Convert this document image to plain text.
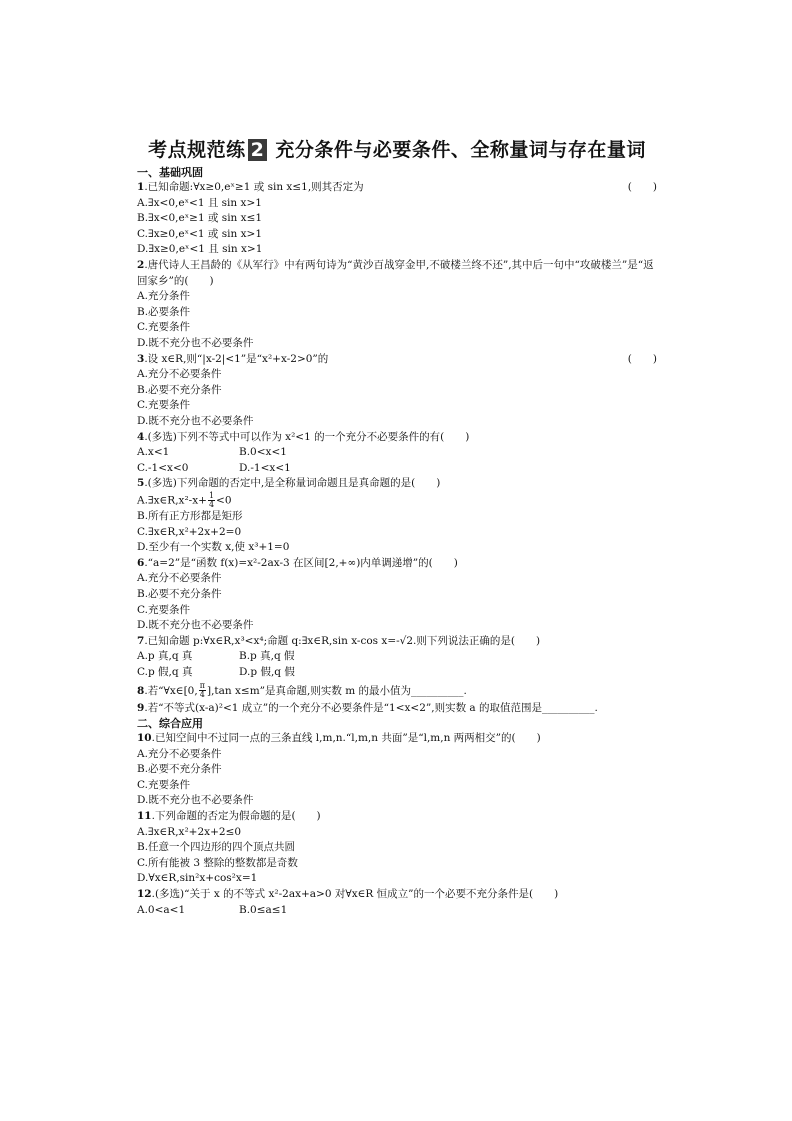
考点规范练 2 充分条件与必要条件、全称量词与存在量词
一、基础巩固
1.已知命题:∀x≥0,eˣ≥1 或 sin x≤1,则其否定为	(　　)
A.∃x<0,eˣ<1 且 sin x>1
B.∃x<0,eˣ≥1 或 sin x≤1
C.∃x≥0,eˣ<1 或 sin x>1
D.∃x≥0,eˣ<1 且 sin x>1
2.唐代诗人王昌龄的《从军行》中有两句诗为“黄沙百战穿金甲,不破楼兰终不还”,其中后一句中“攻破楼兰”是“返回家乡”的(　　)
A.充分条件
B.必要条件
C.充要条件
D.既不充分也不必要条件
3.设 x∈R,则“|x-2|<1”是“x²+x-2>0”的	(　　)
A.充分不必要条件
B.必要不充分条件
C.充要条件
D.既不充分也不必要条件
4.(多选)下列不等式中可以作为 x²<1 的一个充分不必要条件的有(　　)
A.x<1	B.0<x<1
C.-1<x<0	D.-1<x<1
5.(多选)下列命题的否定中,是全称量词命题且是真命题的是(　　)
A.∃x∈R,x²-x+ $\frac{1}{4} <0$
B.所有正方形都是矩形
C.∃x∈R,x²+2x+2=0
D.至少有一个实数 x,使 x³+1=0
6.“a=2”是“函数 f(x)=x²-2ax-3 在区间[2,+∞)内单调递增”的(　　)
A.充分不必要条件
B.必要不充分条件
C.充要条件
D.既不充分也不必要条件
7.已知命题 p:∀x∈R,x³<x⁴;命题 q:∃x∈R,sin x-cos x=-√2.则下列说法正确的是(　　)
A.p 真,q 真	B.p 真,q 假
C.p 假,q 真	D.p 假,q 假
8.若“∀x∈[0, $\frac{\pi}{4} ],\tan$ x≤m”是真命题,则实数 m 的最小值为__________.
9.若“不等式(x-a)²<1 成立”的一个充分不必要条件是“1<x<2”,则实数 a 的取值范围是__________.
二、综合应用
10.已知空间中不过同一点的三条直线 l,m,n.“l,m,n 共面”是“l,m,n 两两相交”的(　　)
A.充分不必要条件
B.必要不充分条件
C.充要条件
D.既不充分也不必要条件
11.下列命题的否定为假命题的是(　　)
A.∃x∈R,x²+2x+2≤0
B.任意一个四边形的四个顶点共圆
C.所有能被 3 整除的整数都是奇数
D.∀x∈R,sin²x+cos²x=1
12.(多选)“关于 x 的不等式 x²-2ax+a>0 对∀x∈R 恒成立”的一个必要不充分条件是(　　)
A.0<a<1	B.0≤a≤1
